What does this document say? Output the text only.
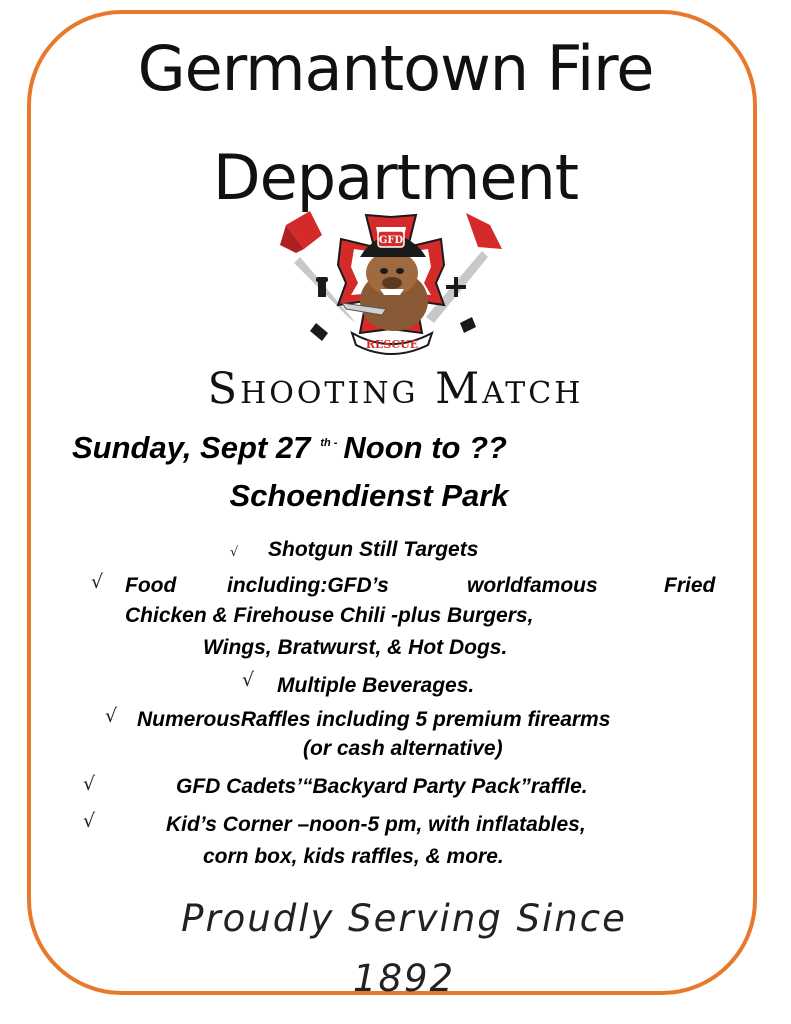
Germantown Fire
Department
GFD
RESCUE
Shooting Match
Sunday, Sept 27 $^{th -}$ Noon to ??
Schoendienst Park
√ Shotgun Still Targets
√ Food including:GFD’s	worldfamous	Fried
Chicken & Firehouse Chili -plus Burgers,
Wings, Bratwurst, & Hot Dogs.
√ Multiple Beverages.
√ NumerousRaffles including 5 premium firearms
(or cash alternative)
√	GFD Cadets’“Backyard Party Pack”raffle.
√	Kid’s Corner –noon-5 pm, with inflatables,
corn box, kids raffles, & more.
Proudly Serving Since
1892
